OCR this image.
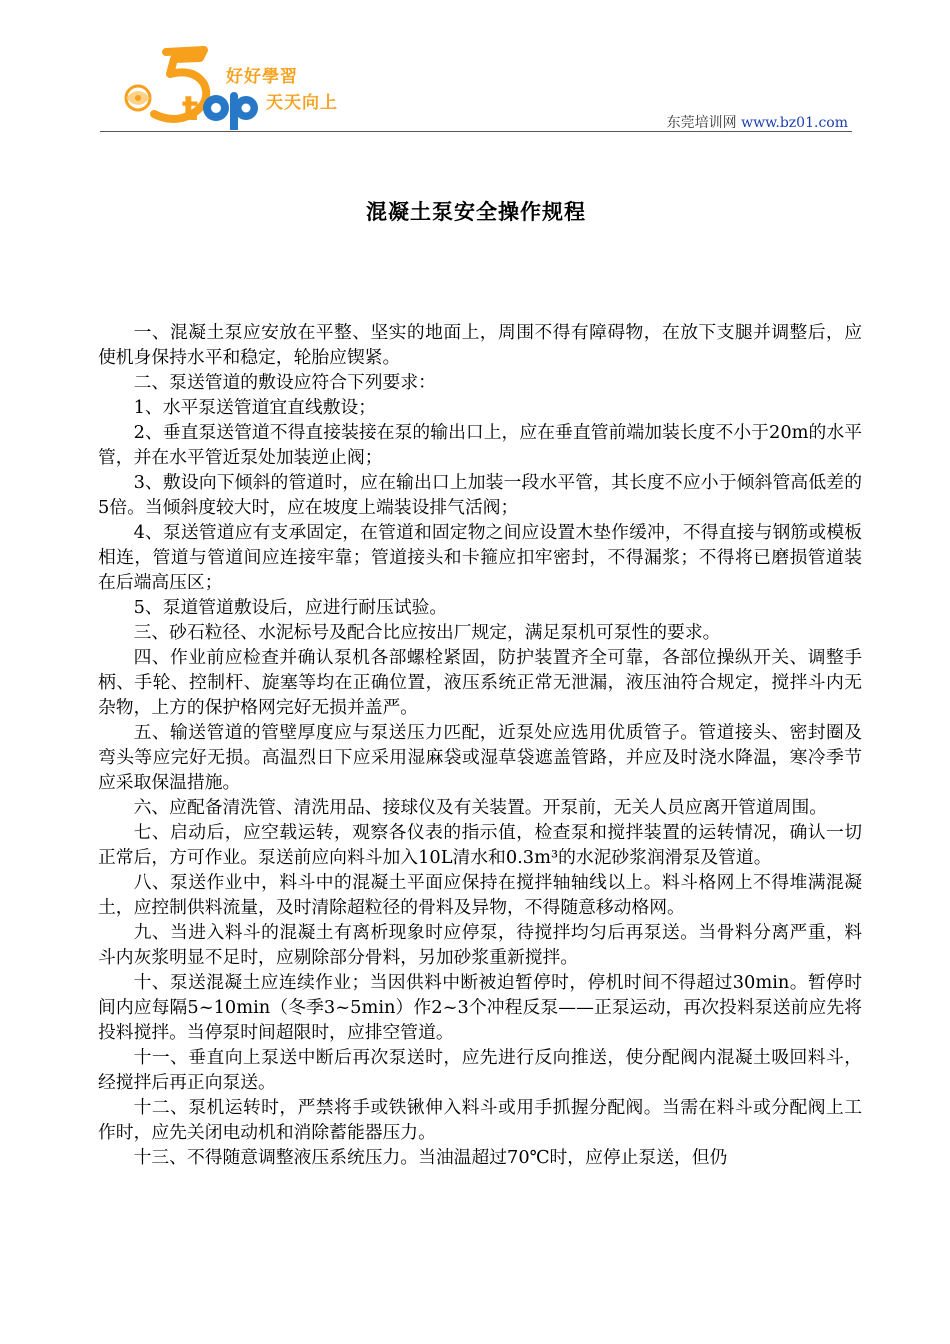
t
好好學習
天天向上
东莞培训网 www.bz01.com
混凝土泵安全操作规程

一、混凝土泵应安放在平整、坚实的地面上，周围不得有障碍物，在放下支腿并调整后，应使机身保持水平和稳定，轮胎应锲紧。

二、泵送管道的敷设应符合下列要求：

1、水平泵送管道宜直线敷设；

2、垂直泵送管道不得直接装接在泵的输出口上，应在垂直管前端加装长度不小于20m的水平管，并在水平管近泵处加装逆止阀；

3、敷设向下倾斜的管道时，应在输出口上加装一段水平管，其长度不应小于倾斜管高低差的5倍。当倾斜度较大时，应在坡度上端装设排气活阀；

4、泵送管道应有支承固定，在管道和固定物之间应设置木垫作缓冲，不得直接与钢筋或模板相连，管道与管道间应连接牢靠；管道接头和卡箍应扣牢密封，不得漏浆；不得将已磨损管道装在后端高压区；

5、泵道管道敷设后，应进行耐压试验。

三、砂石粒径、水泥标号及配合比应按出厂规定，满足泵机可泵性的要求。

四、作业前应检查并确认泵机各部螺栓紧固，防护装置齐全可靠，各部位操纵开关、调整手柄、手轮、控制杆、旋塞等均在正确位置，液压系统正常无泄漏，液压油符合规定，搅拌斗内无杂物，上方的保护格网完好无损并盖严。

五、输送管道的管壁厚度应与泵送压力匹配，近泵处应选用优质管子。管道接头、密封圈及弯头等应完好无损。高温烈日下应采用湿麻袋或湿草袋遮盖管路，并应及时浇水降温，寒冷季节应采取保温措施。

六、应配备清洗管、清洗用品、接球仪及有关装置。开泵前，无关人员应离开管道周围。

七、启动后，应空载运转，观察各仪表的指示值，检查泵和搅拌装置的运转情况，确认一切正常后，方可作业。泵送前应向料斗加入10L清水和0.3m³的水泥砂浆润滑泵及管道。

八、泵送作业中，料斗中的混凝土平面应保持在搅拌轴轴线以上。料斗格网上不得堆满混凝土，应控制供料流量，及时清除超粒径的骨料及异物，不得随意移动格网。

九、当进入料斗的混凝土有离析现象时应停泵，待搅拌均匀后再泵送。当骨料分离严重，料斗内灰浆明显不足时，应剔除部分骨料，另加砂浆重新搅拌。

十、泵送混凝土应连续作业；当因供料中断被迫暂停时，停机时间不得超过30min。暂停时间内应每隔5~10min（冬季3~5min）作2~3个冲程反泵——正泵运动，再次投料泵送前应先将投料搅拌。当停泵时间超限时，应排空管道。

十一、垂直向上泵送中断后再次泵送时，应先进行反向推送，使分配阀内混凝土吸回料斗，经搅拌后再正向泵送。

十二、泵机运转时，严禁将手或铁锹伸入料斗或用手抓握分配阀。当需在料斗或分配阀上工作时，应先关闭电动机和消除蓄能器压力。

十三、不得随意调整液压系统压力。当油温超过70℃时，应停止泵送，但仍
